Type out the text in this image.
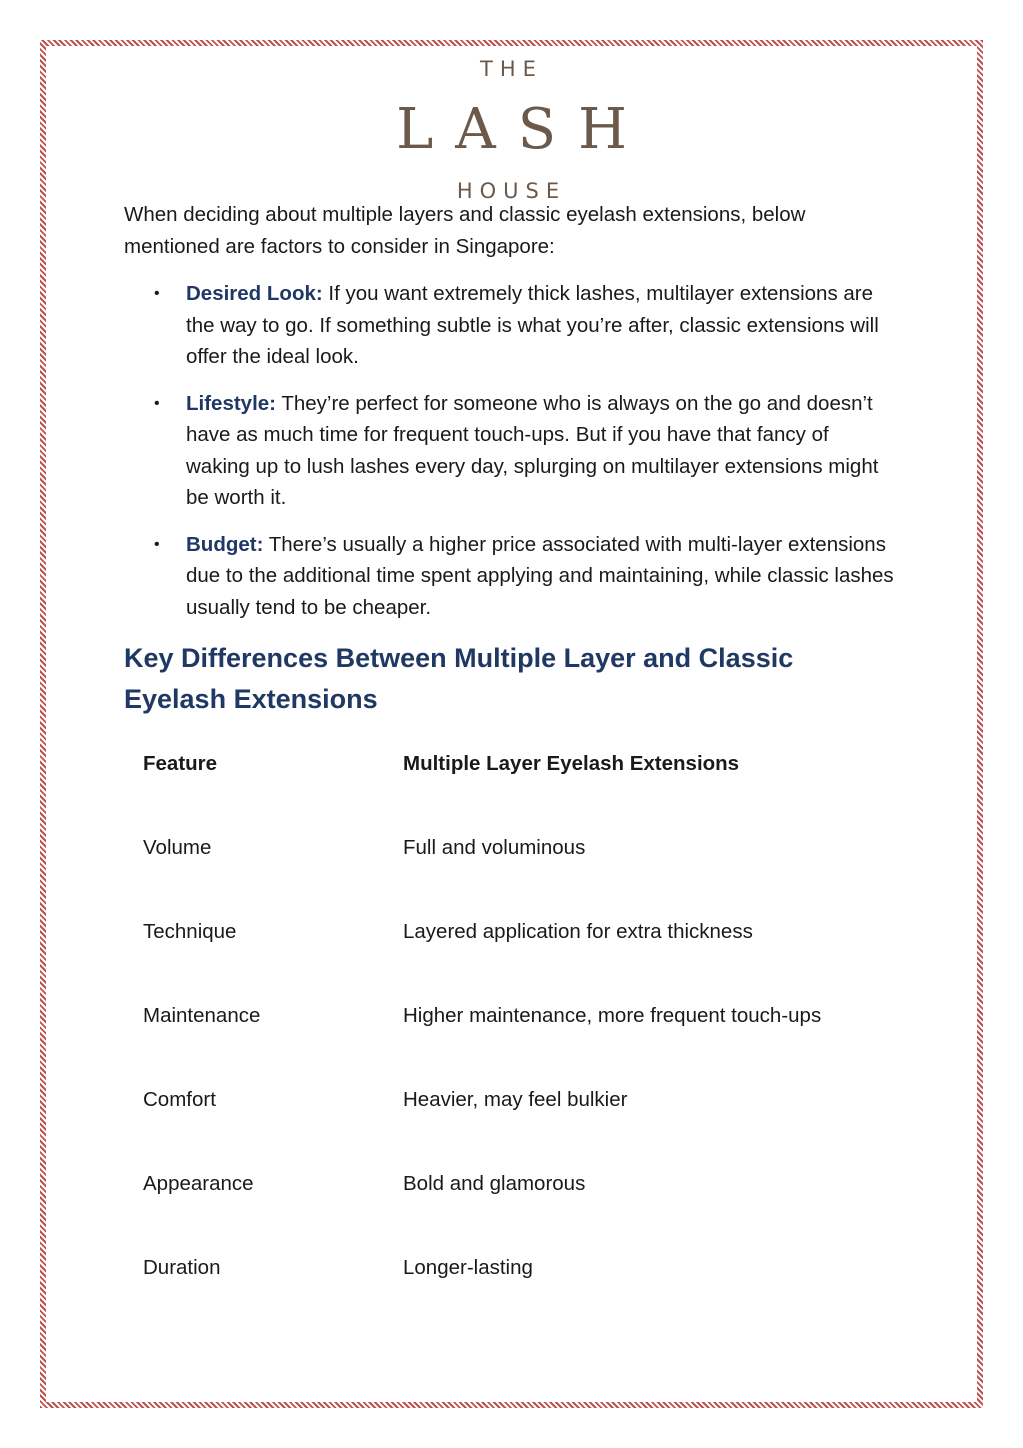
THE
LASH
HOUSE

When deciding about multiple layers and classic eyelash extensions, below mentioned are factors to consider in Singapore:

• Desired Look: If you want extremely thick lashes, multilayer extensions are the way to go. If something subtle is what you’re after, classic extensions will offer the ideal look.
• Lifestyle: They’re perfect for someone who is always on the go and doesn’t have as much time for frequent touch-ups. But if you have that fancy of waking up to lush lashes every day, splurging on multilayer extensions might be worth it.
• Budget: There’s usually a higher price associated with multi-layer extensions due to the additional time spent applying and maintaining, while classic lashes usually tend to be cheaper.
Key Differences Between Multiple Layer and Classic Eyelash Extensions
Feature	Multiple Layer Eyelash Extensions
Volume	Full and voluminous
Technique	Layered application for extra thickness
Maintenance	Higher maintenance, more frequent touch-ups
Comfort	Heavier, may feel bulkier
Appearance	Bold and glamorous
Duration	Longer-lasting
